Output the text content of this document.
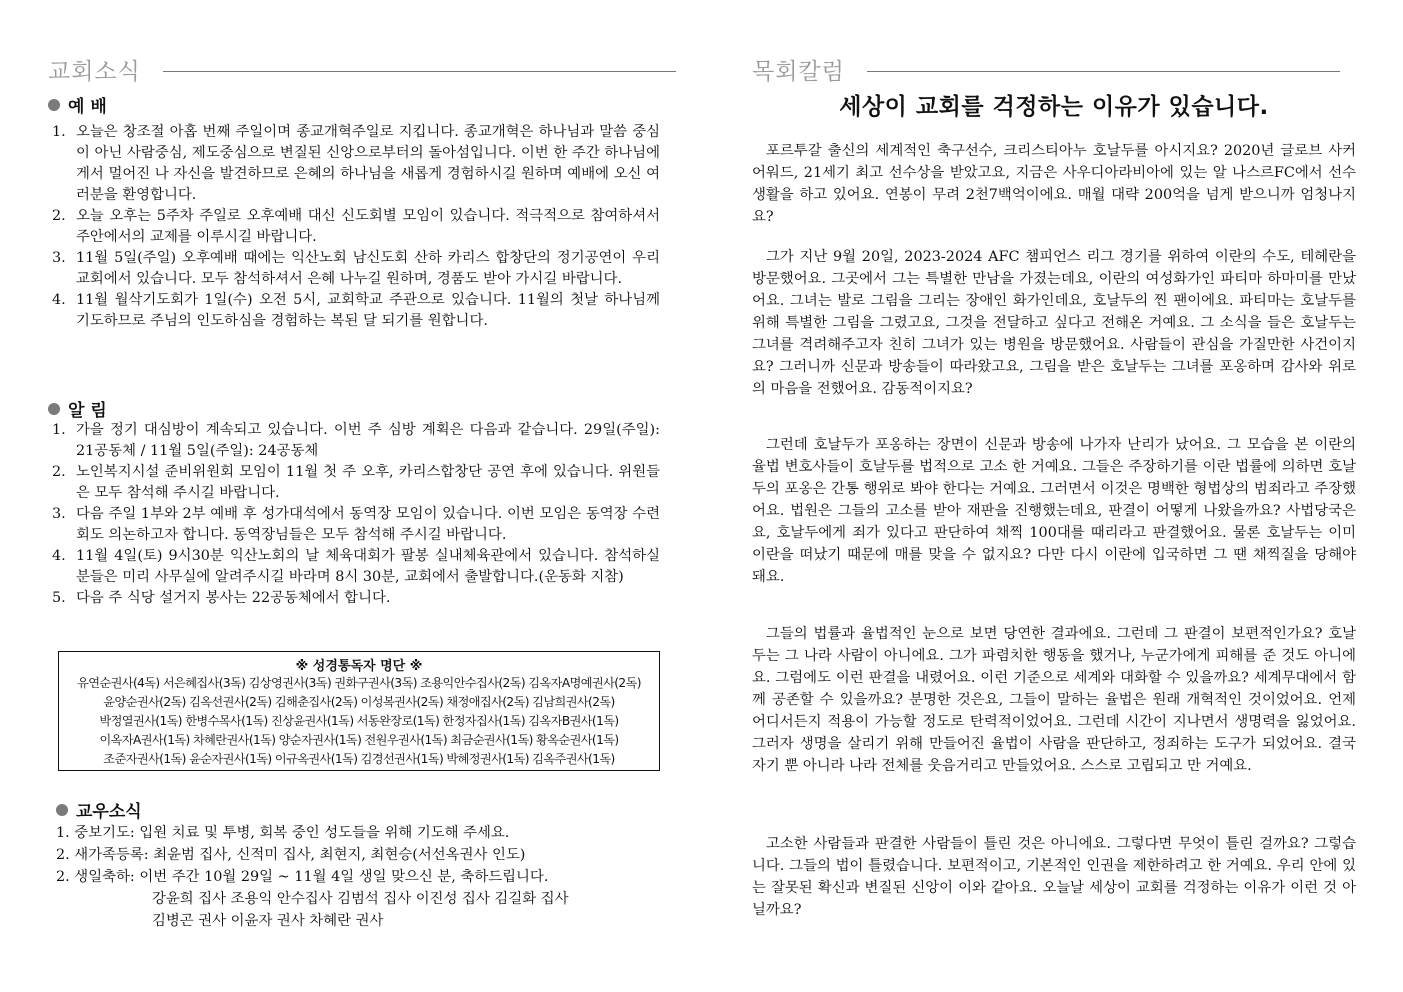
교회소식
예 배
1. 오늘은 창조절 아홉 번째 주일이며 종교개혁주일로 지킵니다. 종교개혁은 하나님과 말씀 중심이 아닌 사람중심, 제도중심으로 변질된 신앙으로부터의 돌아섬입니다. 이번 한 주간 하나님에게서 멀어진 나 자신을 발견하므로 은혜의 하나님을 새롭게 경험하시길 원하며 예배에 오신 여러분을 환영합니다.
2. 오늘 오후는 5주차 주일로 오후예배 대신 신도회별 모임이 있습니다. 적극적으로 참여하셔서 주안에서의 교제를 이루시길 바랍니다.
3. 11월 5일(주일) 오후예배 때에는 익산노회 남신도회 산하 카리스 합창단의 정기공연이 우리교회에서 있습니다. 모두 참석하셔서 은혜 나누길 원하며, 경품도 받아 가시길 바랍니다.
4. 11월 월삭기도회가 1일(수) 오전 5시, 교회학교 주관으로 있습니다. 11월의 첫날 하나님께 기도하므로 주님의 인도하심을 경험하는 복된 달 되기를 원합니다.
알 림
1. 가을 정기 대심방이 계속되고 있습니다. 이번 주 심방 계획은 다음과 같습니다. 29일(주일): 21공동체 / 11월 5일(주일): 24공동체
2. 노인복지시설 준비위원회 모임이 11월 첫 주 오후, 카리스합창단 공연 후에 있습니다. 위원들은 모두 참석해 주시길 바랍니다.
3. 다음 주일 1부와 2부 예배 후 성가대석에서 동역장 모임이 있습니다. 이번 모임은 동역장 수련회도 의논하고자 합니다. 동역장님들은 모두 참석해 주시길 바랍니다.
4. 11월 4일(토) 9시30분 익산노회의 날 체육대회가 팔봉 실내체육관에서 있습니다. 참석하실 분들은 미리 사무실에 알려주시길 바라며 8시 30분, 교회에서 출발합니다.(운동화 지참)
5. 다음 주 식당 설거지 봉사는 22공동체에서 합니다.
※ 성경통독자 명단 ※
유연순권사(4독) 서은혜집사(3독) 김상영권사(3독) 권화구권사(3독) 조용익안수집사(2독) 김옥자A명예권사(2독)
윤양순권사(2독) 김옥선권사(2독) 김해춘집사(2독) 이성복권사(2독) 채정애집사(2독) 김남희권사(2독)
박정열권사(1독) 한병수목사(1독) 진상윤권사(1독) 서동완장로(1독) 한정자집사(1독) 김옥자B권사(1독)
이옥자A권사(1독) 차혜란권사(1독) 양순자권사(1독) 전원우권사(1독) 최금순권사(1독) 황옥순권사(1독)
조준자권사(1독) 윤순자권사(1독) 이규옥권사(1독) 김경선권사(1독) 박혜정권사(1독) 김옥주권사(1독)
교우소식
1. 중보기도: 입원 치료 및 투병, 회복 중인 성도들을 위해 기도해 주세요.
2. 새가족등록: 최윤범 집사, 신적미 집사, 최현지, 최현승(서선옥권사 인도)
2. 생일축하: 이번 주간 10월 29일 ~ 11월 4일 생일 맞으신 분, 축하드립니다.
강윤희 집사 조용익 안수집사 김범석 집사 이진성 집사 김길화 집사
김병곤 권사 이윤자 권사 차혜란 권사
목회칼럼
세상이 교회를 걱정하는 이유가 있습니다.

포르투갈 출신의 세계적인 축구선수, 크리스티아누 호날두를 아시지요? 2020년 글로브 사커 어워드, 21세기 최고 선수상을 받았고요, 지금은 사우디아라비아에 있는 알 나스르FC에서 선수생활을 하고 있어요. 연봉이 무려 2천7백억이에요. 매월 대략 200억을 넘게 받으니까 엄청나지요?

그가 지난 9월 20일, 2023-2024 AFC 챔피언스 리그 경기를 위하여 이란의 수도, 테헤란을 방문했어요. 그곳에서 그는 특별한 만남을 가졌는데요, 이란의 여성화가인 파티마 하마미를 만났어요. 그녀는 발로 그림을 그리는 장애인 화가인데요, 호날두의 찐 팬이에요. 파티마는 호날두를 위해 특별한 그림을 그렸고요, 그것을 전달하고 싶다고 전해온 거예요. 그 소식을 들은 호날두는 그녀를 격려해주고자 친히 그녀가 있는 병원을 방문했어요. 사람들이 관심을 가질만한 사건이지요? 그러니까 신문과 방송들이 따라왔고요, 그림을 받은 호날두는 그녀를 포옹하며 감사와 위로의 마음을 전했어요. 감동적이지요?

그런데 호날두가 포옹하는 장면이 신문과 방송에 나가자 난리가 났어요. 그 모습을 본 이란의 율법 변호사들이 호날두를 법적으로 고소 한 거예요. 그들은 주장하기를 이란 법률에 의하면 호날두의 포옹은 간통 행위로 봐야 한다는 거예요. 그러면서 이것은 명백한 형법상의 범죄라고 주장했어요. 법원은 그들의 고소를 받아 재판을 진행했는데요, 판결이 어떻게 나왔을까요? 사법당국은요, 호날두에게 죄가 있다고 판단하여 채찍 100대를 때리라고 판결했어요. 물론 호날두는 이미 이란을 떠났기 때문에 매를 맞을 수 없지요? 다만 다시 이란에 입국하면 그 땐 채찍질을 당해야 돼요.

그들의 법률과 율법적인 눈으로 보면 당연한 결과에요. 그런데 그 판결이 보편적인가요? 호날두는 그 나라 사람이 아니에요. 그가 파렴치한 행동을 했거나, 누군가에게 피해를 준 것도 아니에요. 그럼에도 이런 판결을 내렸어요. 이런 기준으로 세계와 대화할 수 있을까요? 세계무대에서 함께 공존할 수 있을까요? 분명한 것은요, 그들이 말하는 율법은 원래 개혁적인 것이었어요. 언제 어디서든지 적용이 가능할 정도로 탄력적이었어요. 그런데 시간이 지나면서 생명력을 잃었어요. 그러자 생명을 살리기 위해 만들어진 율법이 사람을 판단하고, 정죄하는 도구가 되었어요. 결국 자기 뿐 아니라 나라 전체를 웃음거리고 만들었어요. 스스로 고립되고 만 거예요.

고소한 사람들과 판결한 사람들이 틀린 것은 아니에요. 그렇다면 무엇이 틀린 걸까요? 그렇습니다. 그들의 법이 틀렸습니다. 보편적이고, 기본적인 인권을 제한하려고 한 거예요. 우리 안에 있는 잘못된 확신과 변질된 신앙이 이와 같아요. 오늘날 세상이 교회를 걱정하는 이유가 이런 것 아닐까요?
